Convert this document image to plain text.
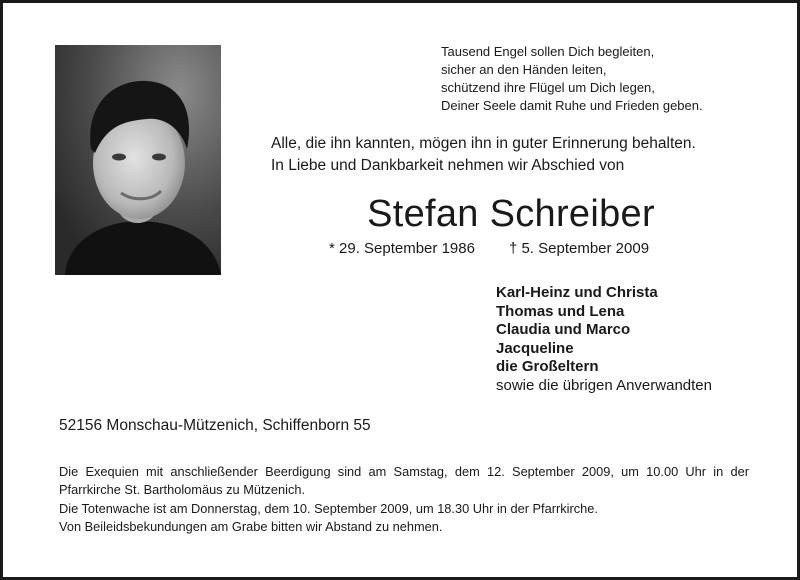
Tausend Engel sollen Dich begleiten,
sicher an den Händen leiten,
schützend ihre Flügel um Dich legen,
Deiner Seele damit Ruhe und Frieden geben.
Alle, die ihn kannten, mögen ihn in guter Erinnerung behalten.
In Liebe und Dankbarkeit nehmen wir Abschied von
Stefan Schreiber
* 29. September 1986 † 5. September 2009
Karl-Heinz und Christa
Thomas und Lena
Claudia und Marco
Jacqueline
die Großeltern
sowie die übrigen Anverwandten
52156 Monschau-Mützenich, Schiffenborn 55
Die Exequien mit anschließender Beerdigung sind am Samstag, dem 12. September 2009, um 10.00 Uhr in der Pfarrkirche St. Bartholomäus zu Mützenich.
Die Totenwache ist am Donnerstag, dem 10. September 2009, um 18.30 Uhr in der Pfarrkirche.
Von Beileidsbekundungen am Grabe bitten wir Abstand zu nehmen.
